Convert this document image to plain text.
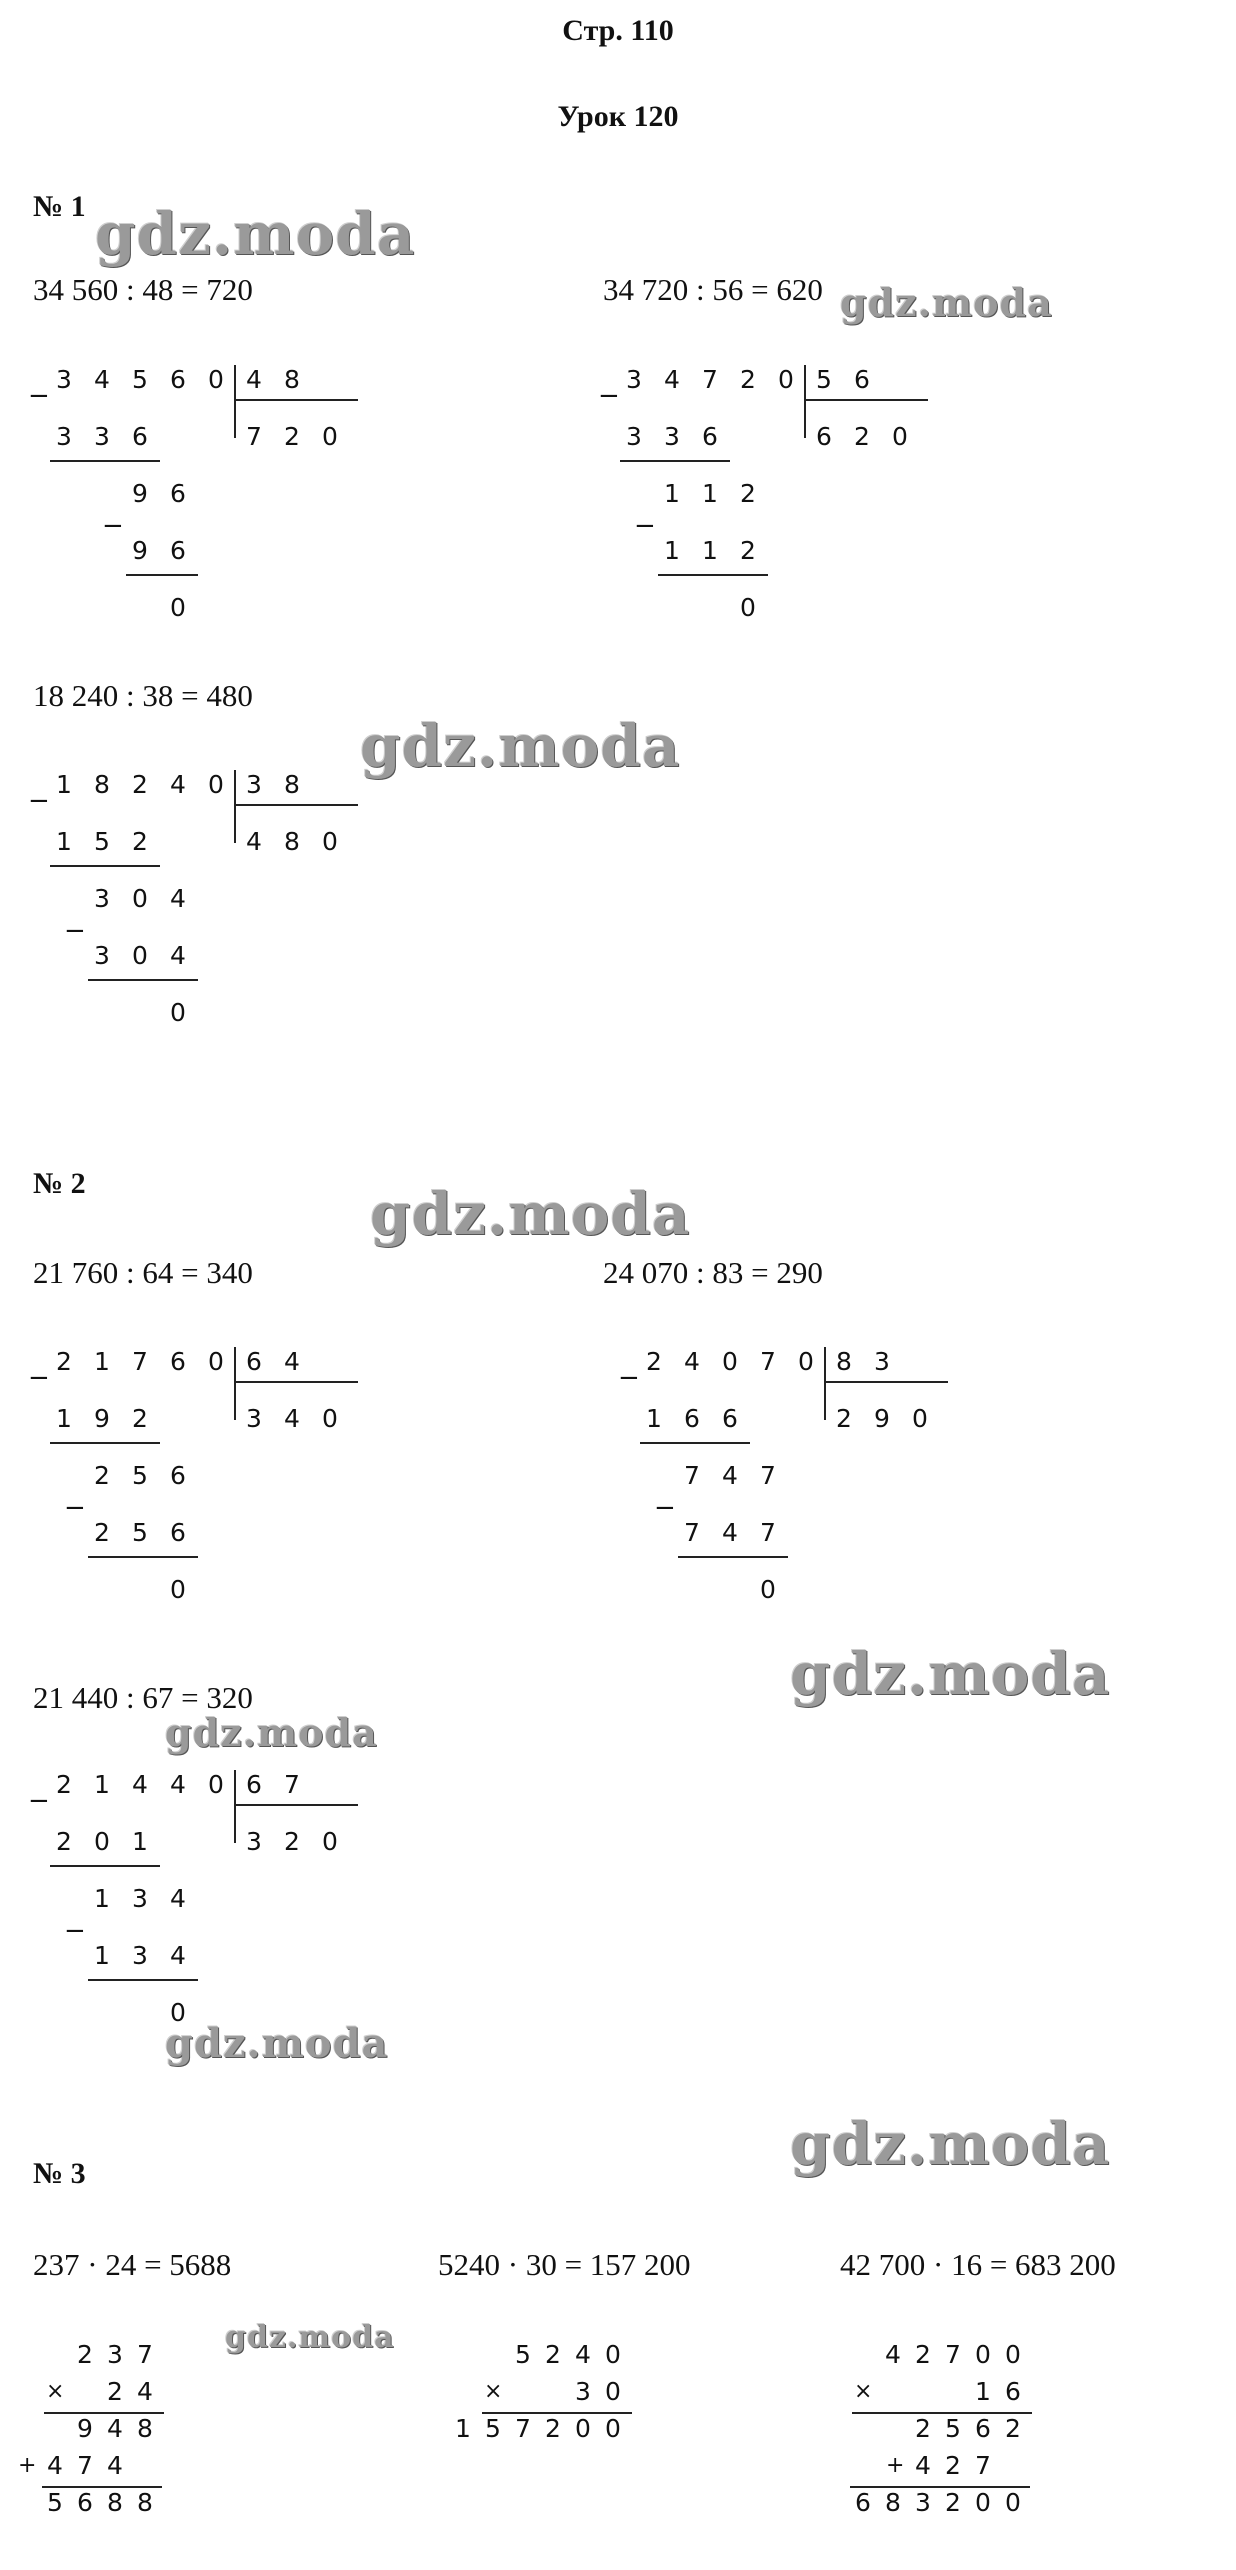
Стр. 110
Урок 120
№ 1
№ 2
№ 3
34 560 : 48 = 720	34 720 : 56 = 620
18 240 : 38 = 480
21 760 : 64 = 340	24 070 : 83 = 290
21 440 : 67 = 320
237 · 24 = 5688	5240 · 30 = 157 200	42 700 · 16 = 683 200
3 4 5 6 0 4 8
7 2 0
−
3 3 6
9 6
−
9 6
0
3 4 7 2 0 5 6
6 2 0
−
3 3 6
1 1 2
−
1 1 2
0
1 8 2 4 0 3 8
4 8 0
−
1 5 2
3 0 4
−
3 0 4
0
2 1 7 6 0 6 4
3 4 0
−
1 9 2
2 5 6
−
2 5 6
0
2 4 0 7 0 8 3
2 9 0
−
1 6 6
7 4 7
−
7 4 7
0
2 1 4 4 0 6 7
3 2 0
−
2 0 1
1 3 4
−
1 3 4
0
2 3 7
2 4
×
9 4 8
4 7 4
+
5 6 8 8
5 2 4 0
3 0
×
1 5 7 2 0 0
4 2 7 0 0
1 6
×
2 5 6 2
4 2 7
+
6 8 3 2 0 0
gdz.moda
gdz.moda
gdz.moda
gdz.moda
gdz.moda
gdz.moda
gdz.moda
gdz.moda
gdz.moda
